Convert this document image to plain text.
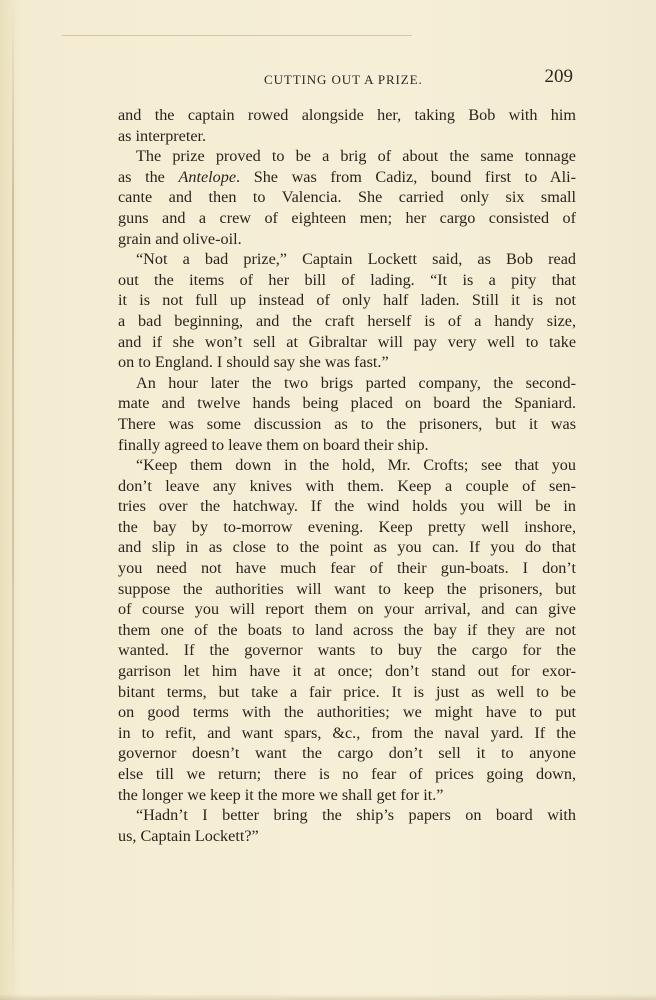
CUTTING OUT A PRIZE.	209
and the captain rowed alongside her, taking Bob with him
as interpreter.
The prize proved to be a brig of about the same tonnage
as the Antelope. She was from Cadiz, bound first to Ali-
cante and then to Valencia. She carried only six small
guns and a crew of eighteen men; her cargo consisted of
grain and olive-oil.
“Not a bad prize,” Captain Lockett said, as Bob read
out the items of her bill of lading. “It is a pity that
it is not full up instead of only half laden. Still it is not
a bad beginning, and the craft herself is of a handy size,
and if she won’t sell at Gibraltar will pay very well to take
on to England. I should say she was fast.”
An hour later the two brigs parted company, the second-
mate and twelve hands being placed on board the Spaniard.
There was some discussion as to the prisoners, but it was
finally agreed to leave them on board their ship.
“Keep them down in the hold, Mr. Crofts; see that you
don’t leave any knives with them. Keep a couple of sen-
tries over the hatchway. If the wind holds you will be in
the bay by to-morrow evening. Keep pretty well inshore,
and slip in as close to the point as you can. If you do that
you need not have much fear of their gun-boats. I don’t
suppose the authorities will want to keep the prisoners, but
of course you will report them on your arrival, and can give
them one of the boats to land across the bay if they are not
wanted. If the governor wants to buy the cargo for the
garrison let him have it at once; don’t stand out for exor-
bitant terms, but take a fair price. It is just as well to be
on good terms with the authorities; we might have to put
in to refit, and want spars, &c., from the naval yard. If the
governor doesn’t want the cargo don’t sell it to anyone
else till we return; there is no fear of prices going down,
the longer we keep it the more we shall get for it.”
“Hadn’t I better bring the ship’s papers on board with
us, Captain Lockett?”
